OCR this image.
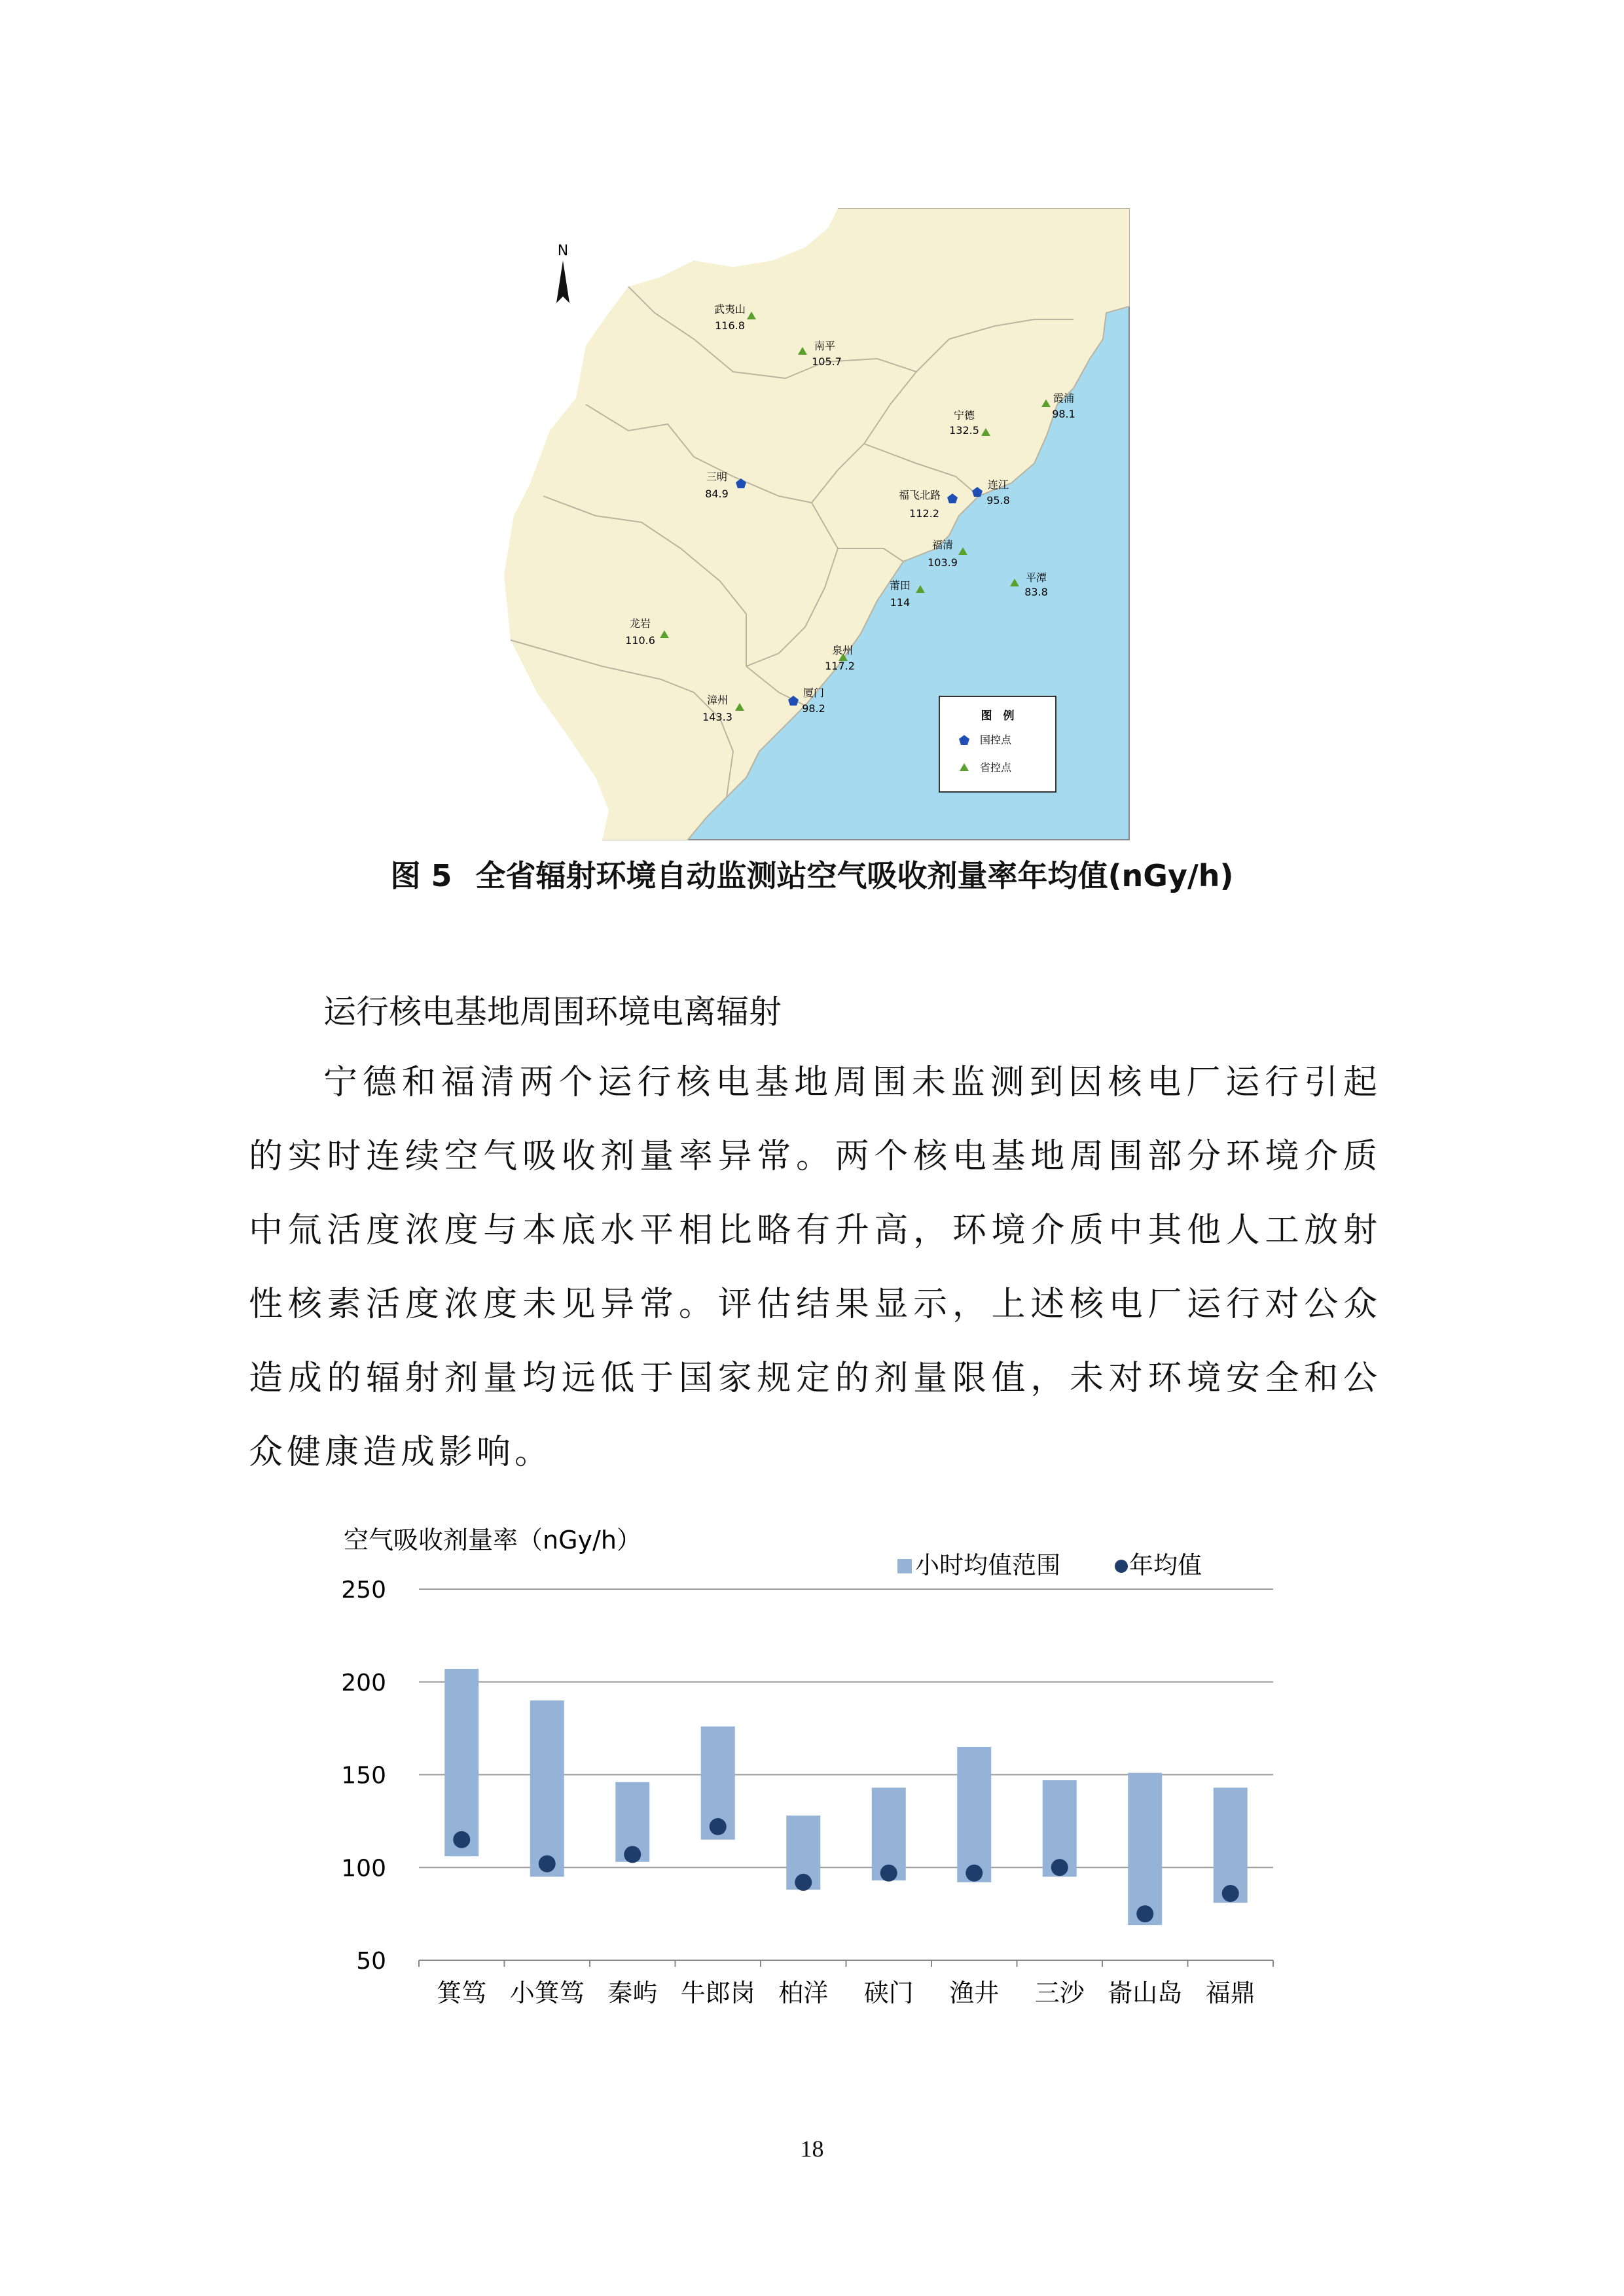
N
武夷山
116.8
南平
105.7
宁德
132.5
霞浦
98.1
三明
84.9	福飞北路
112.2
连江
95.8
福清
103.9
莆田
114
平潭
83.8
龙岩
110.6
泉州
117.2
厦门
98.2
漳州
143.3	图　例
国控点
省控点
图 5 全省辐射环境自动监测站空气吸收剂量率年均值(nGy/h)
运行核电基地周围环境电离辐射

宁德和福清两个运行核电基地周围未监测到因核电厂运行引起的实时连续空气吸收剂量率异常。两个核电基地周围部分环境介质中氚活度浓度与本底水平相比略有升高，环境介质中其他人工放射性核素活度浓度未见异常。评估结果显示，上述核电厂运行对公众造成的辐射剂量均远低于国家规定的剂量限值，未对环境安全和公众健康造成影响。

空气吸收剂量率（nGy/h）
小时均值范围	年均值
50
100
150
200
250
箕笃 小箕笃 秦屿 牛郎岗 柏洋 硖门 渔井 三沙 嵛山岛 福鼎
18
